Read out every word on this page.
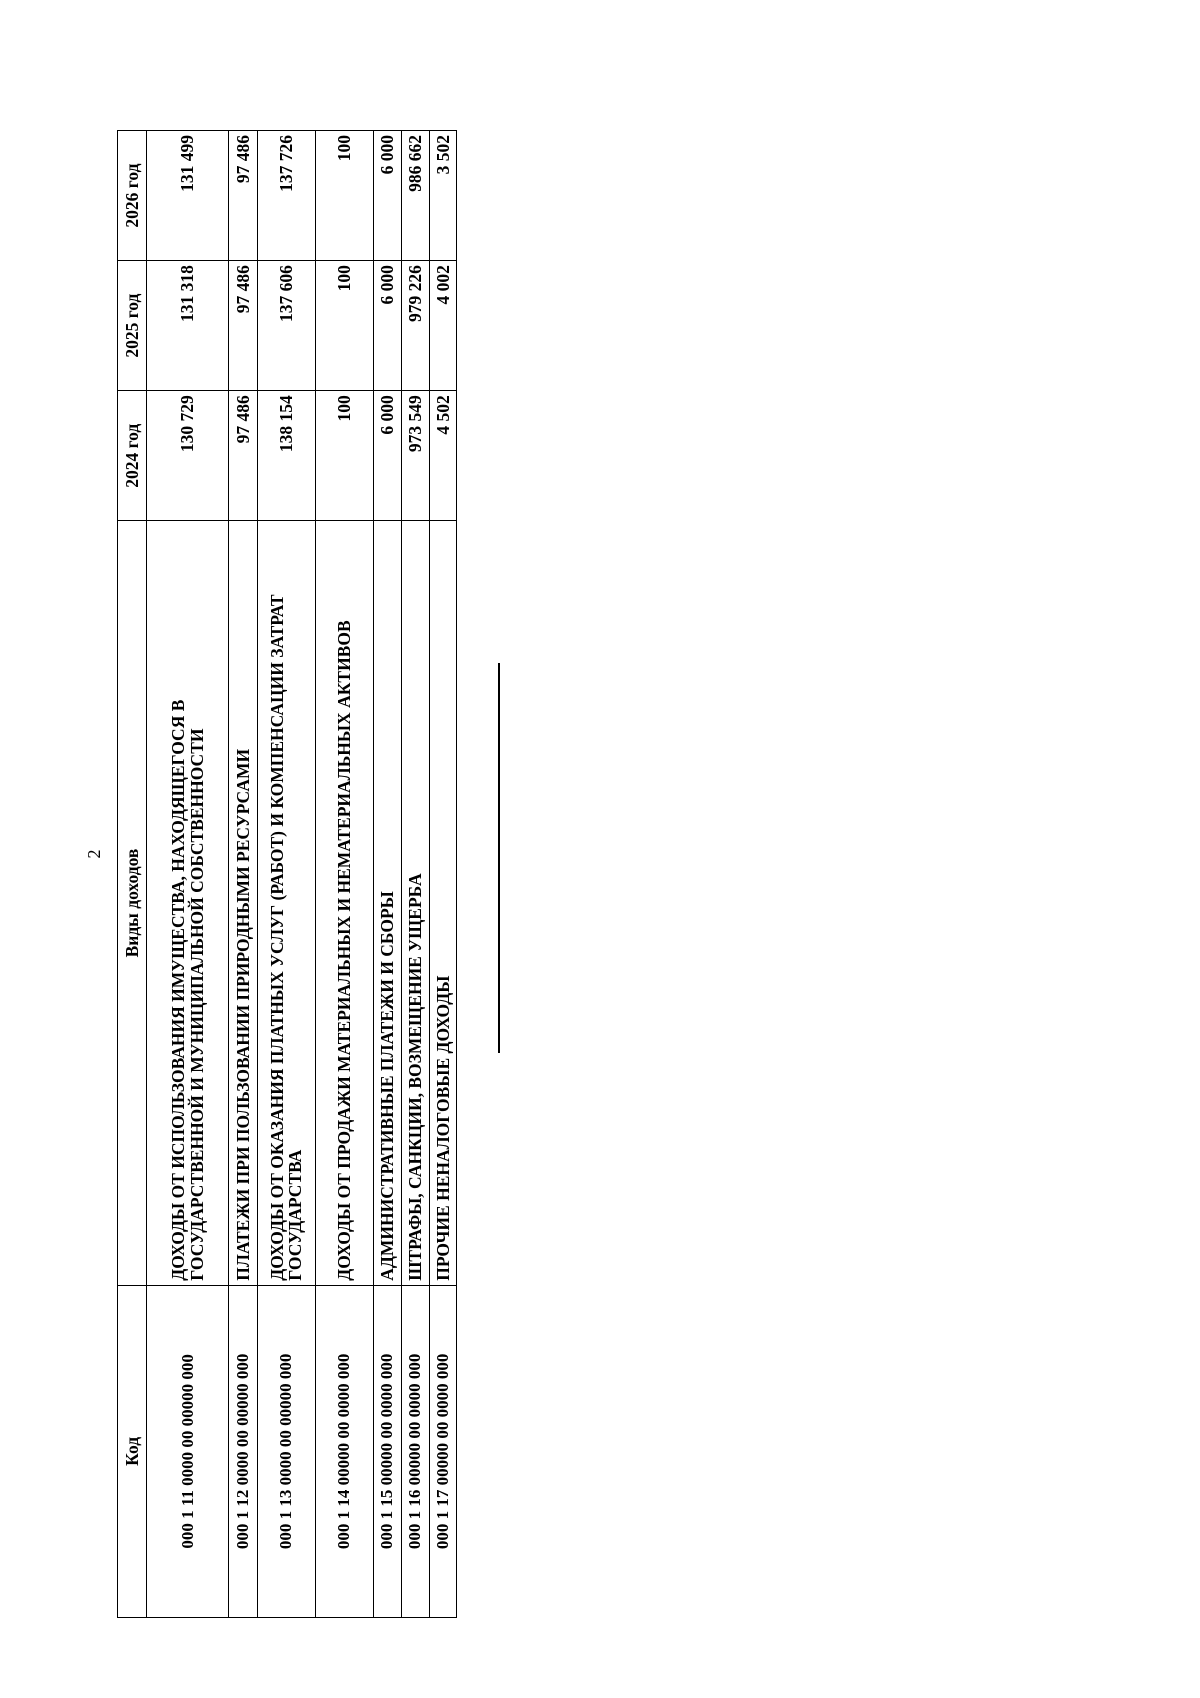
2
Код	Виды доходов	2024 год	2025 год	2026 год
000 1 11 0000 00 00000 000	ДОХОДЫ ОТ ИСПОЛЬЗОВАНИЯ ИМУЩЕСТВА, НАХОДЯЩЕГОСЯ В ГОСУДАРСТВЕННОЙ И МУНИЦИПАЛЬНОЙ СОБСТВЕННОСТИ	130 729	131 318	131 499
000 1 12 0000 00 00000 000	ПЛАТЕЖИ ПРИ ПОЛЬЗОВАНИИ ПРИРОДНЫМИ РЕСУРСАМИ	97 486	97 486	97 486
000 1 13 0000 00 00000 000	ДОХОДЫ ОТ ОКАЗАНИЯ ПЛАТНЫХ УСЛУГ (РАБОТ) И КОМПЕНСАЦИИ ЗАТРАТ ГОСУДАРСТВА	138 154	137 606	137 726
000 1 14 00000 00 0000 000	ДОХОДЫ ОТ ПРОДАЖИ МАТЕРИАЛЬНЫХ И НЕМАТЕРИАЛЬНЫХ АКТИВОВ	100	100	100
000 1 15 00000 00 0000 000	АДМИНИСТРАТИВНЫЕ ПЛАТЕЖИ И СБОРЫ	6 000	6 000	6 000
000 1 16 00000 00 0000 000	ШТРАФЫ, САНКЦИИ, ВОЗМЕЩЕНИЕ УЩЕРБА	973 549	979 226	986 662
000 1 17 00000 00 0000 000	ПРОЧИЕ НЕНАЛОГОВЫЕ ДОХОДЫ	4 502	4 002	3 502
